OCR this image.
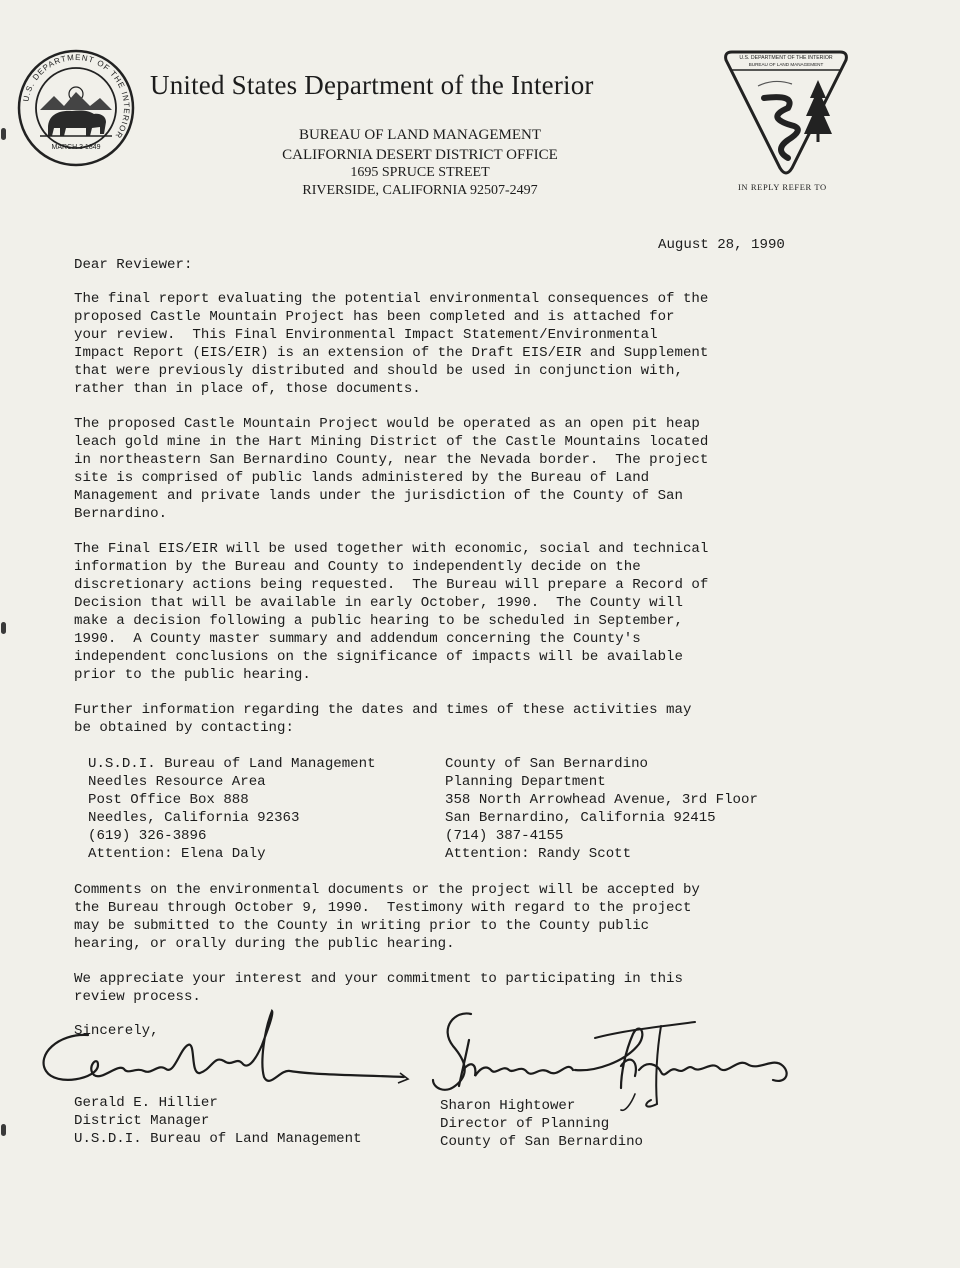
U.S. DEPARTMENT OF THE INTERIOR
MARCH 3 1849
United States Department of the Interior
BUREAU OF LAND MANAGEMENT
CALIFORNIA DESERT DISTRICT OFFICE
1695 SPRUCE STREET
RIVERSIDE, CALIFORNIA 92507-2497
U.S. DEPARTMENT OF THE INTERIOR
BUREAU OF LAND MANAGEMENT
IN REPLY REFER TO
August 28, 1990
Dear Reviewer:
The final report evaluating the potential environmental consequences of the
proposed Castle Mountain Project has been completed and is attached for
your review.  This Final Environmental Impact Statement/Environmental
Impact Report (EIS/EIR) is an extension of the Draft EIS/EIR and Supplement
that were previously distributed and should be used in conjunction with,
rather than in place of, those documents.
The proposed Castle Mountain Project would be operated as an open pit heap
leach gold mine in the Hart Mining District of the Castle Mountains located
in northeastern San Bernardino County, near the Nevada border.  The project
site is comprised of public lands administered by the Bureau of Land
Management and private lands under the jurisdiction of the County of San
Bernardino.
The Final EIS/EIR will be used together with economic, social and technical
information by the Bureau and County to independently decide on the
discretionary actions being requested.  The Bureau will prepare a Record of
Decision that will be available in early October, 1990.  The County will
make a decision following a public hearing to be scheduled in September,
1990.  A County master summary and addendum concerning the County's
independent conclusions on the significance of impacts will be available
prior to the public hearing.
Further information regarding the dates and times of these activities may
be obtained by contacting:
U.S.D.I. Bureau of Land Management
Needles Resource Area
Post Office Box 888
Needles, California 92363
(619) 326-3896
Attention: Elena Daly
County of San Bernardino
Planning Department
358 North Arrowhead Avenue, 3rd Floor
San Bernardino, California 92415
(714) 387-4155
Attention: Randy Scott
Comments on the environmental documents or the project will be accepted by
the Bureau through October 9, 1990.  Testimony with regard to the project
may be submitted to the County in writing prior to the County public
hearing, or orally during the public hearing.
We appreciate your interest and your commitment to participating in this
review process.
Sincerely,
Gerald E. Hillier
District Manager
U.S.D.I. Bureau of Land Management
Sharon Hightower
Director of Planning
County of San Bernardino
